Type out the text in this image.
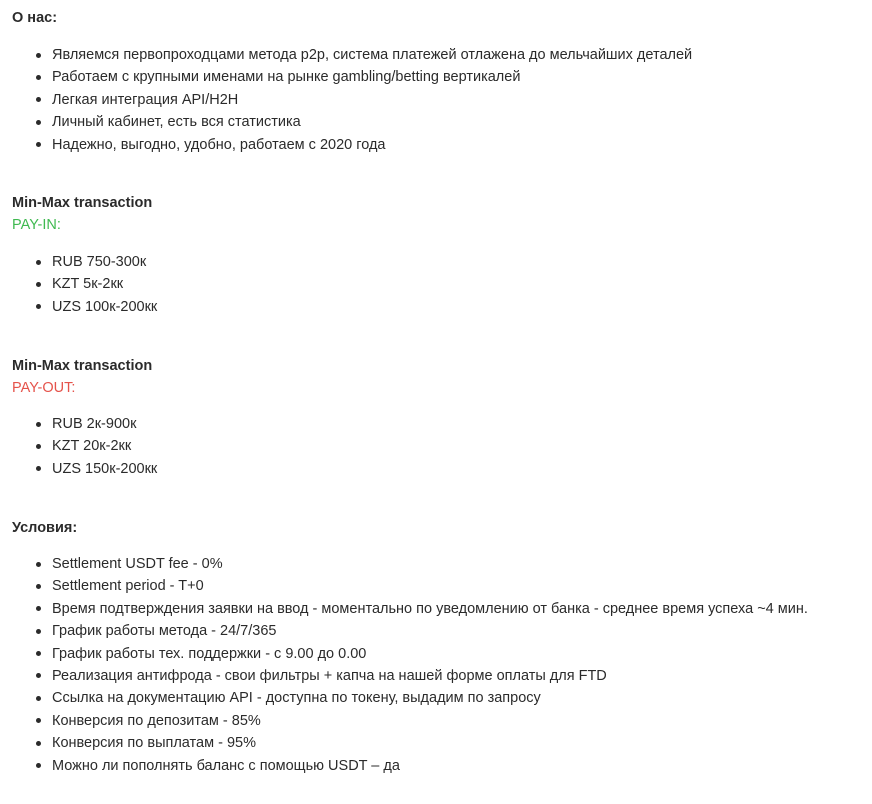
О нас:
Являемся первопроходцами метода p2p, система платежей отлажена до мельчайших деталей
Работаем с крупными именами на рынке gambling/betting вертикалей
Легкая интеграция API/H2H
Личный кабинет, есть вся статистика
Надежно, выгодно, удобно, работаем с 2020 года
Min-Max transaction
PAY-IN:
RUB 750-300к
KZT 5к-2кк
UZS 100к-200кк
Min-Max transaction
PAY-OUT:
RUB 2к-900к
KZT 20к-2кк
UZS 150к-200кк
Условия:
Settlement USDT fee - 0%
Settlement period - T+0
Время подтверждения заявки на ввод - моментально по уведомлению от банка - среднее время успеха ~4 мин.
График работы метода - 24/7/365
График работы тех. поддержки - с 9.00 до 0.00
Реализация антифрода - свои фильтры + капча на нашей форме оплаты для FTD
Ссылка на документацию API - доступна по токену, выдадим по запросу
Конверсия по депозитам - 85%
Конверсия по выплатам - 95%
Можно ли пополнять баланс с помощью USDT – да
